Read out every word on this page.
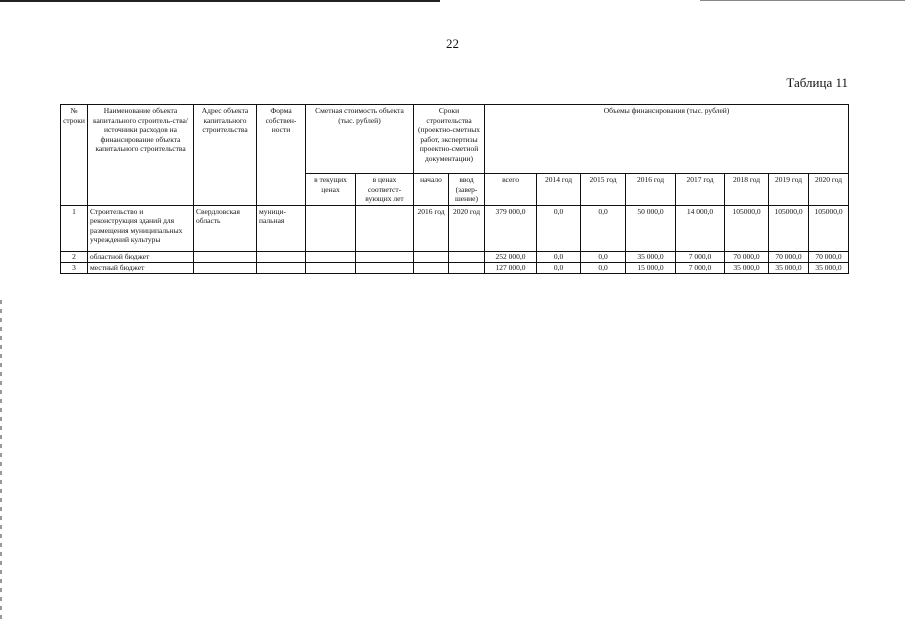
22
Таблица 11
№ строки	Наименование объекта капитального строитель-ства/ источники расходов на финансирование объекта капитального строительства	Адрес объекта капитального строительства	Форма собствен-ности	Сметная стоимость объекта (тыс. рублей)		Сроки строительства (проектно-сметных работ, экспертизы проектно-сметной документации)		Объемы финансирования (тыс. рублей)							
				в текущих ценах	в ценах соответст-вующих лет	начало	ввод (завер-шение)	всего	2014 год	2015 год	2016 год	2017 год	2018 год	2019 год	2020 год
1	Строительство и реконструкция зданий для размещения муниципальных учреждений культуры	Свердловская область	муници-пальная			2016 год	2020 год	379 000,0	0,0	0,0	50 000,0	14 000,0	105000,0	105000,0	105000,0
2	областной бюджет							252 000,0	0,0	0,0	35 000,0	7 000,0	70 000,0	70 000,0	70 000,0
3	местный бюджет							127 000,0	0,0	0,0	15 000,0	7 000,0	35 000,0	35 000,0	35 000,0
